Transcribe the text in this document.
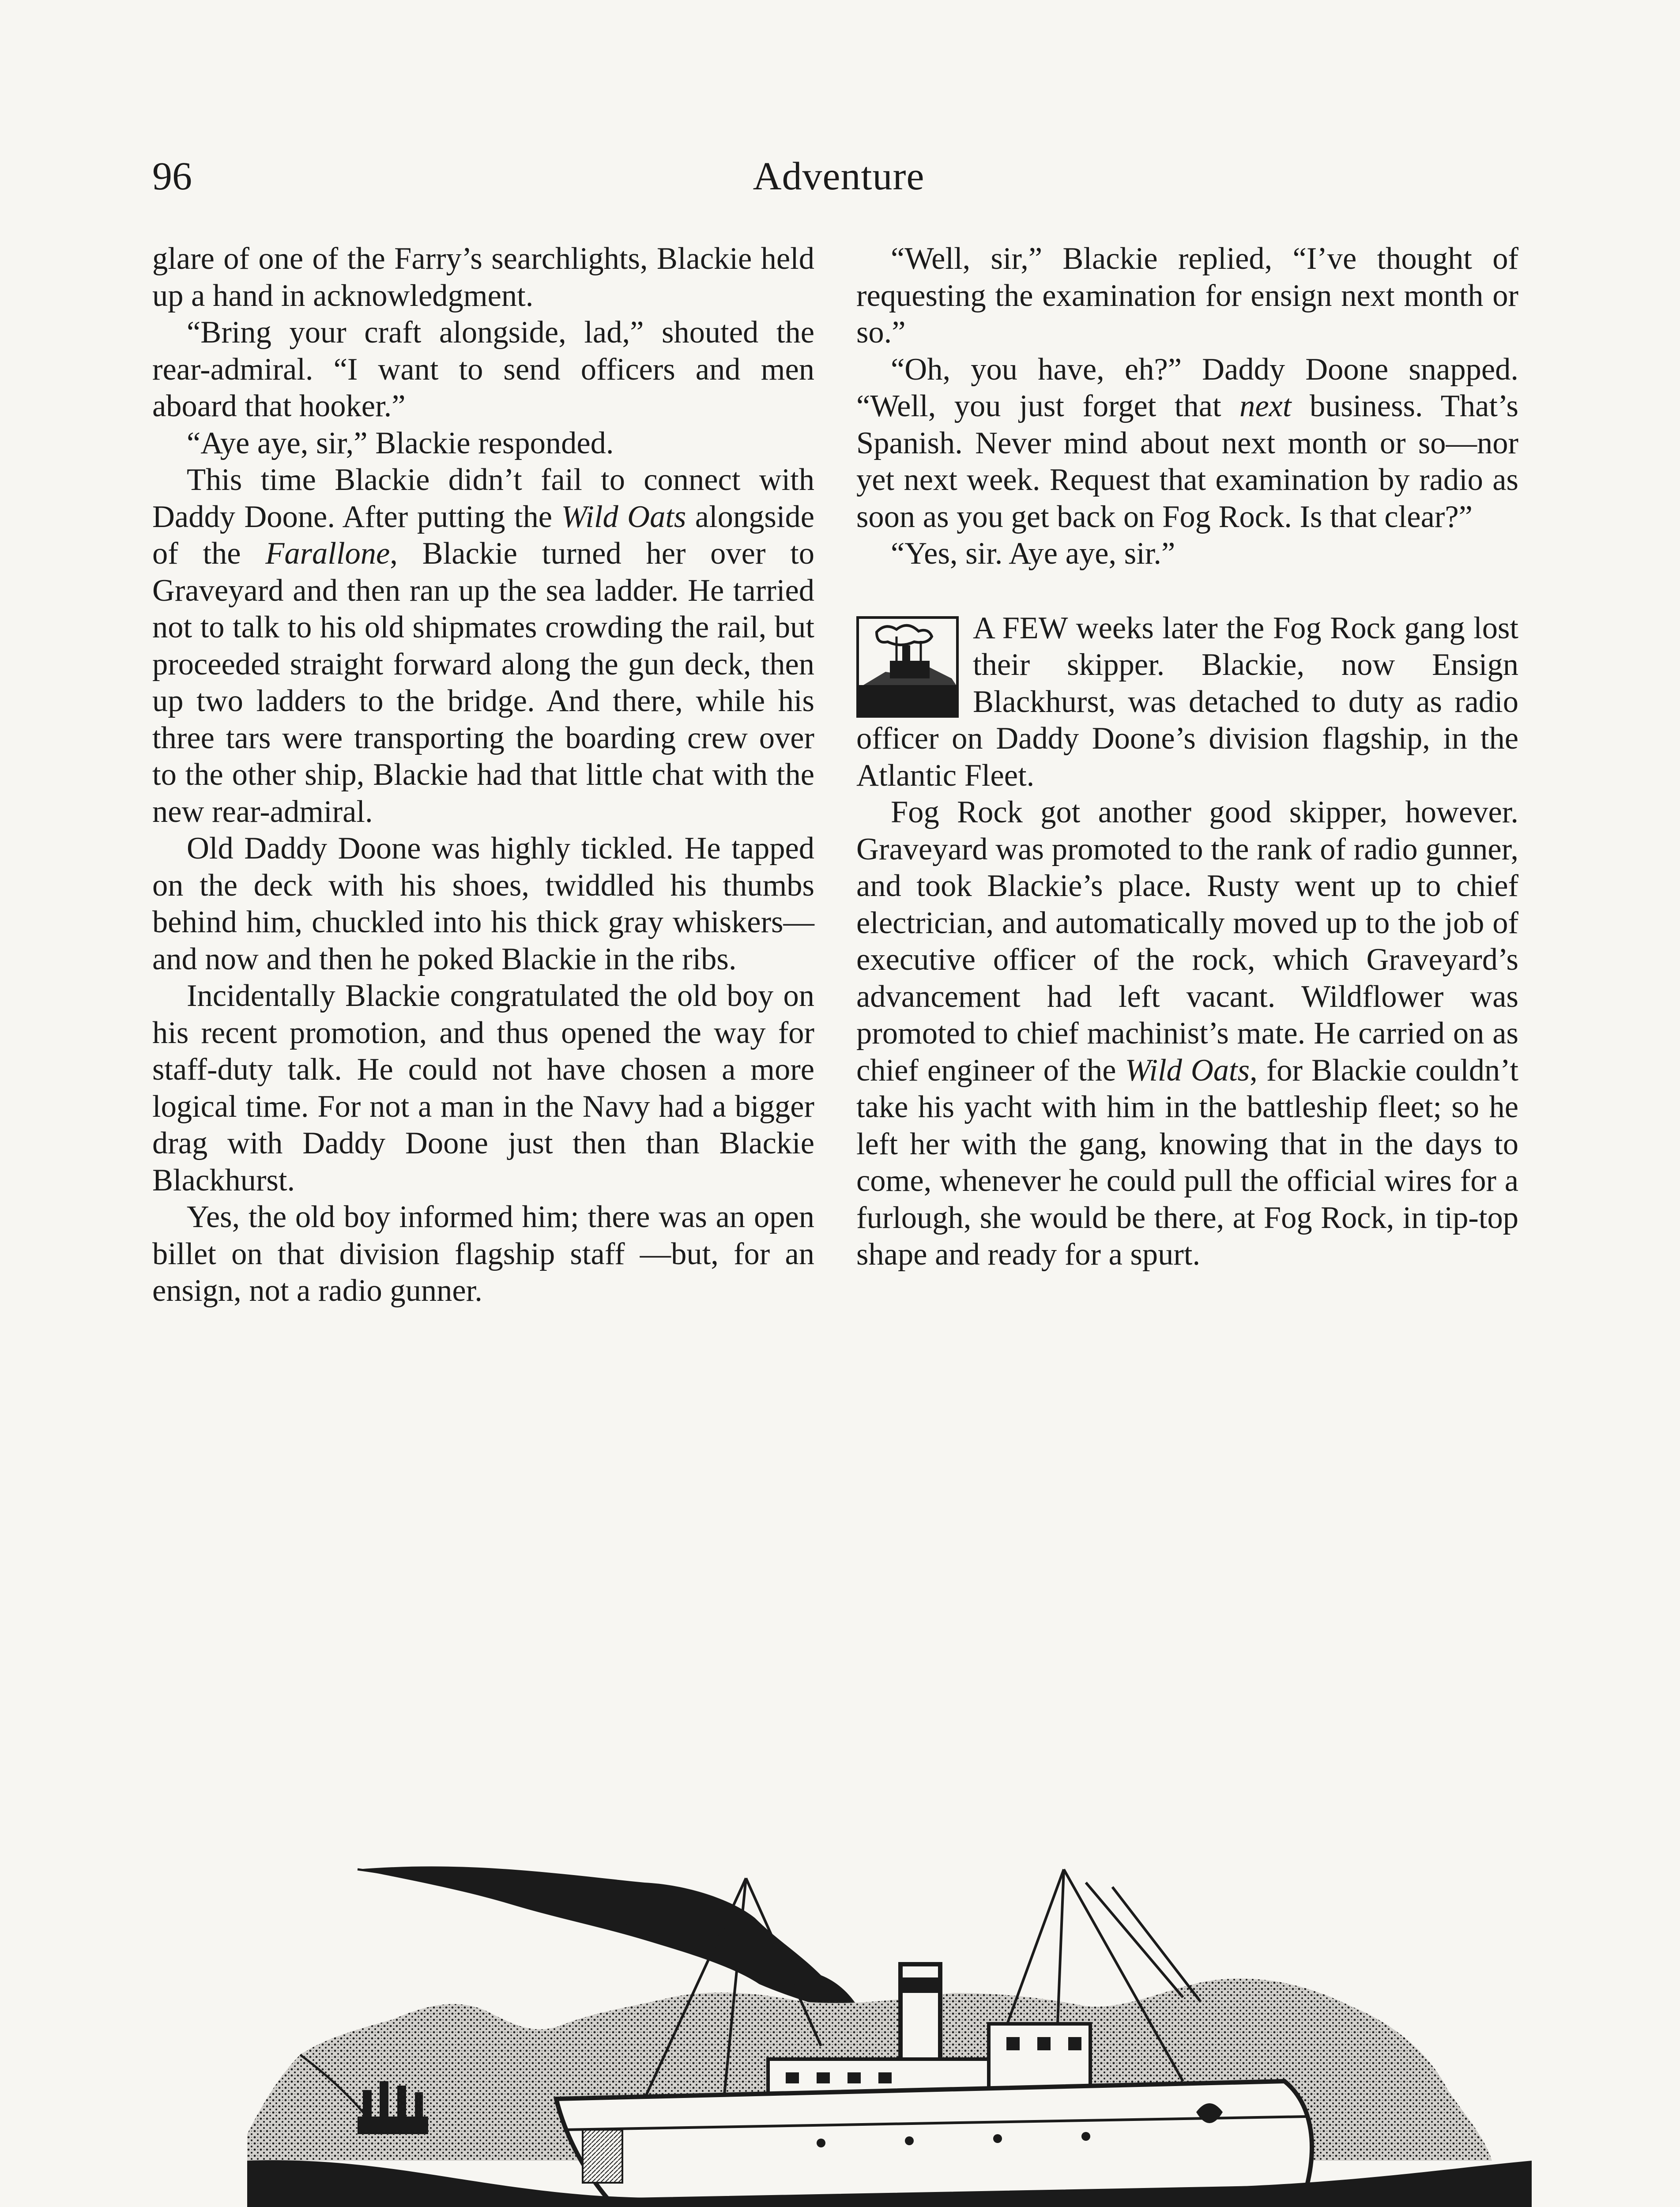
96	Adventure

glare of one of the Farry’s searchlights, Blackie held up a hand in acknowledgment.

“Bring your craft alongside, lad,” shouted the rear-admiral. “I want to send officers and men aboard that hooker.”

“Aye aye, sir,” Blackie responded.

This time Blackie didn’t fail to connect with Daddy Doone. After putting the Wild Oats alongside of the Farallone, Blackie turned her over to Graveyard and then ran up the sea ladder. He tarried not to talk to his old shipmates crowding the rail, but proceeded straight forward along the gun deck, then up two ladders to the bridge. And there, while his three tars were transporting the boarding crew over to the other ship, Blackie had that little chat with the new rear-admiral.

Old Daddy Doone was highly tickled. He tapped on the deck with his shoes, twiddled his thumbs behind him, chuckled into his thick gray whiskers—and now and then he poked Blackie in the ribs.

Incidentally Blackie congratulated the old boy on his recent promotion, and thus opened the way for staff-duty talk. He could not have chosen a more logical time. For not a man in the Navy had a bigger drag with Daddy Doone just then than Blackie Blackhurst.

Yes, the old boy informed him; there was an open billet on that division flagship staff —but, for an ensign, not a radio gunner.

“Well, sir,” Blackie replied, “I’ve thought of requesting the examination for ensign next month or so.”

“Oh, you have, eh?” Daddy Doone snapped. “Well, you just forget that next business. That’s Spanish. Never mind about next month or so—nor yet next week. Request that examination by radio as soon as you get back on Fog Rock. Is that clear?”

“Yes, sir. Aye aye, sir.”

A FEW weeks later the Fog Rock gang lost their skipper. Blackie, now Ensign Blackhurst, was detached to duty as radio officer on Daddy Doone’s division flagship, in the Atlantic Fleet.

Fog Rock got another good skipper, however. Graveyard was promoted to the rank of radio gunner, and took Blackie’s place. Rusty went up to chief electrician, and automatically moved up to the job of executive officer of the rock, which Graveyard’s advancement had left vacant. Wildflower was promoted to chief machinist’s mate. He carried on as chief engineer of the Wild Oats, for Blackie couldn’t take his yacht with him in the battleship fleet; so he left her with the gang, knowing that in the days to come, whenever he could pull the official wires for a furlough, she would be there, at Fog Rock, in tip-top shape and ready for a spurt.
